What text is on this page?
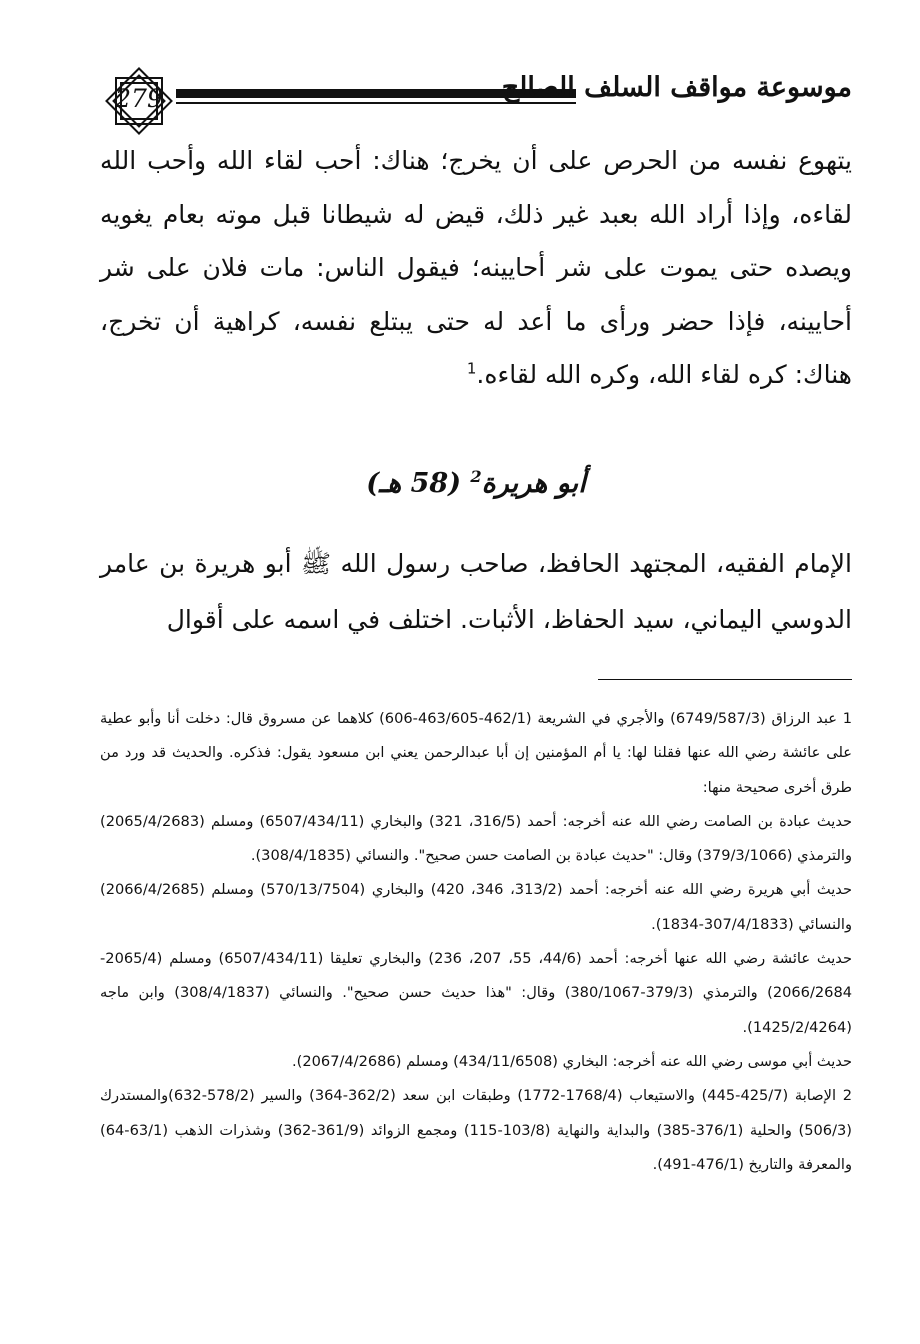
279	موسوعة مواقف السلف الصالح

يتهوع نفسه من الحرص على أن يخرج؛ هناك: أحب لقاء الله وأحب الله لقاءه، وإذا أراد الله بعبد غير ذلك، قيض له شيطانا قبل موته بعام يغويه ويصده حتى يموت على شر أحايينه؛ فيقول الناس: مات فلان على شر أحايينه، فإذا حضر ورأى ما أعد له حتى يبتلع نفسه، كراهية أن تخرج، هناك: كره لقاء الله، وكره الله لقاءه.$^1$

أبو هريرة$^2$ (58 هـ)

الإمام الفقيه، المجتهد الحافظ، صاحب رسول الله ﷺ أبو هريرة بن عامر الدوسي اليماني، سيد الحفاظ، الأثبات. اختلف في اسمه على أقوال

1 عبد الرزاق (6749/587/3) والأجري في الشريعة (462/1-463/605-606) كلاهما عن مسروق قال: دخلت أنا وأبو عطية على عائشة رضي الله عنها فقلنا لها: يا أم المؤمنين إن أبا عبدالرحمن يعني ابن مسعود يقول: فذكره. والحديث قد ورد من طرق أخرى صحيحة منها:

حديث عبادة بن الصامت رضي الله عنه أخرجه: أحمد (316/5، 321) والبخاري (6507/434/11) ومسلم (2065/4/2683) والترمذي (379/3/1066) وقال: "حديث عبادة بن الصامت حسن صحيح". والنسائي (308/4/1835).

حديث أبي هريرة رضي الله عنه أخرجه: أحمد (313/2، 346، 420) والبخاري (570/13/7504) ومسلم (2066/4/2685) والنسائي (307/4/1833-1834).

حديث عائشة رضي الله عنها أخرجه: أحمد (44/6، 55، 207، 236) والبخاري تعليقا (6507/434/11) ومسلم (2065/4-2066/2684) والترمذي (379/3-380/1067) وقال: "هذا حديث حسن صحيح". والنسائي (308/4/1837) وابن ماجه (1425/2/4264).

حديث أبي موسى رضي الله عنه أخرجه: البخاري (434/11/6508) ومسلم (2067/4/2686).

2 الإصابة (425/7-445) والاستيعاب (1768/4-1772) وطبقات ابن سعد (362/2-364) والسير (578/2-632)والمستدرك (506/3) والحلية (376/1-385) والبداية والنهاية (103/8-115) ومجمع الزوائد (361/9-362) وشذرات الذهب (63/1-64) والمعرفة والتاريخ (476/1-491).
